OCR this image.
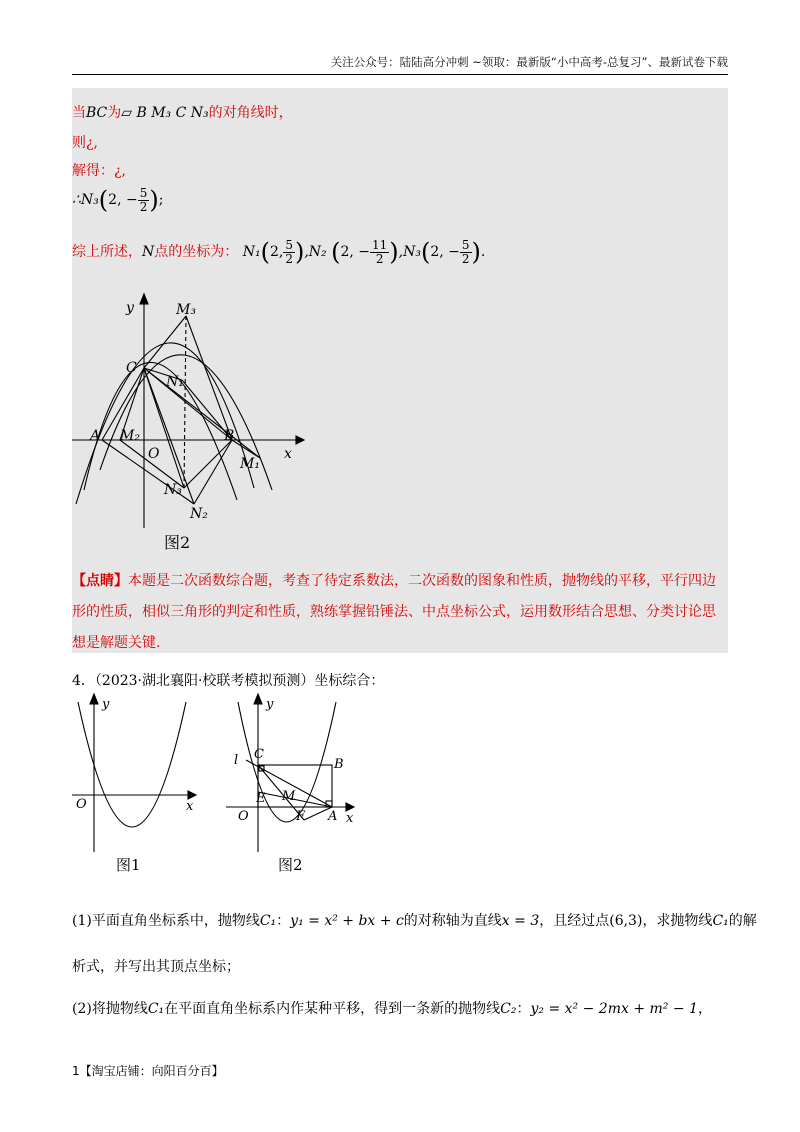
关注公众号：陆陆高分冲刺 ~领取：最新版“小中高考-总复习”、最新试卷下载
当BC为▱ B M₃ C N₃的对角线时，
则¿,
解得：¿,
∴N₃(2, − $\frac{5}{2}$ );
综上所述，N点的坐标为： N₁(2, $\frac{5}{2} ),N_2$ (2, − $\frac{11}{2} ),N_3(2$, − $\frac{5}{2}$ ).
y
x
M₃
C
N₁
A M₂
O
B
M₁
N₃
N₂
图2
【点睛】本题是二次函数综合题，考查了待定系数法，二次函数的图象和性质，抛物线的平移，平行四边形的性质，相似三角形的判定和性质，熟练掌握铅锤法、中点坐标公式，运用数形结合思想、分类讨论思想是解题关键.
4．（2023·湖北襄阳·校联考模拟预测）坐标综合：
y
x
O
图1
y
x
O
l C
B
E M
F A
图2
(1)平面直角坐标系中，抛物线C₁：y₁ = x² + bx + c的对称轴为直线x = 3，且经过点(6,3)，求抛物线C₁的解
析式，并写出其顶点坐标；
(2)将抛物线C₁在平面直角坐标系内作某种平移，得到一条新的抛物线C₂：y₂ = x² − 2mx + m² − 1，
1【淘宝店铺：向阳百分百】
